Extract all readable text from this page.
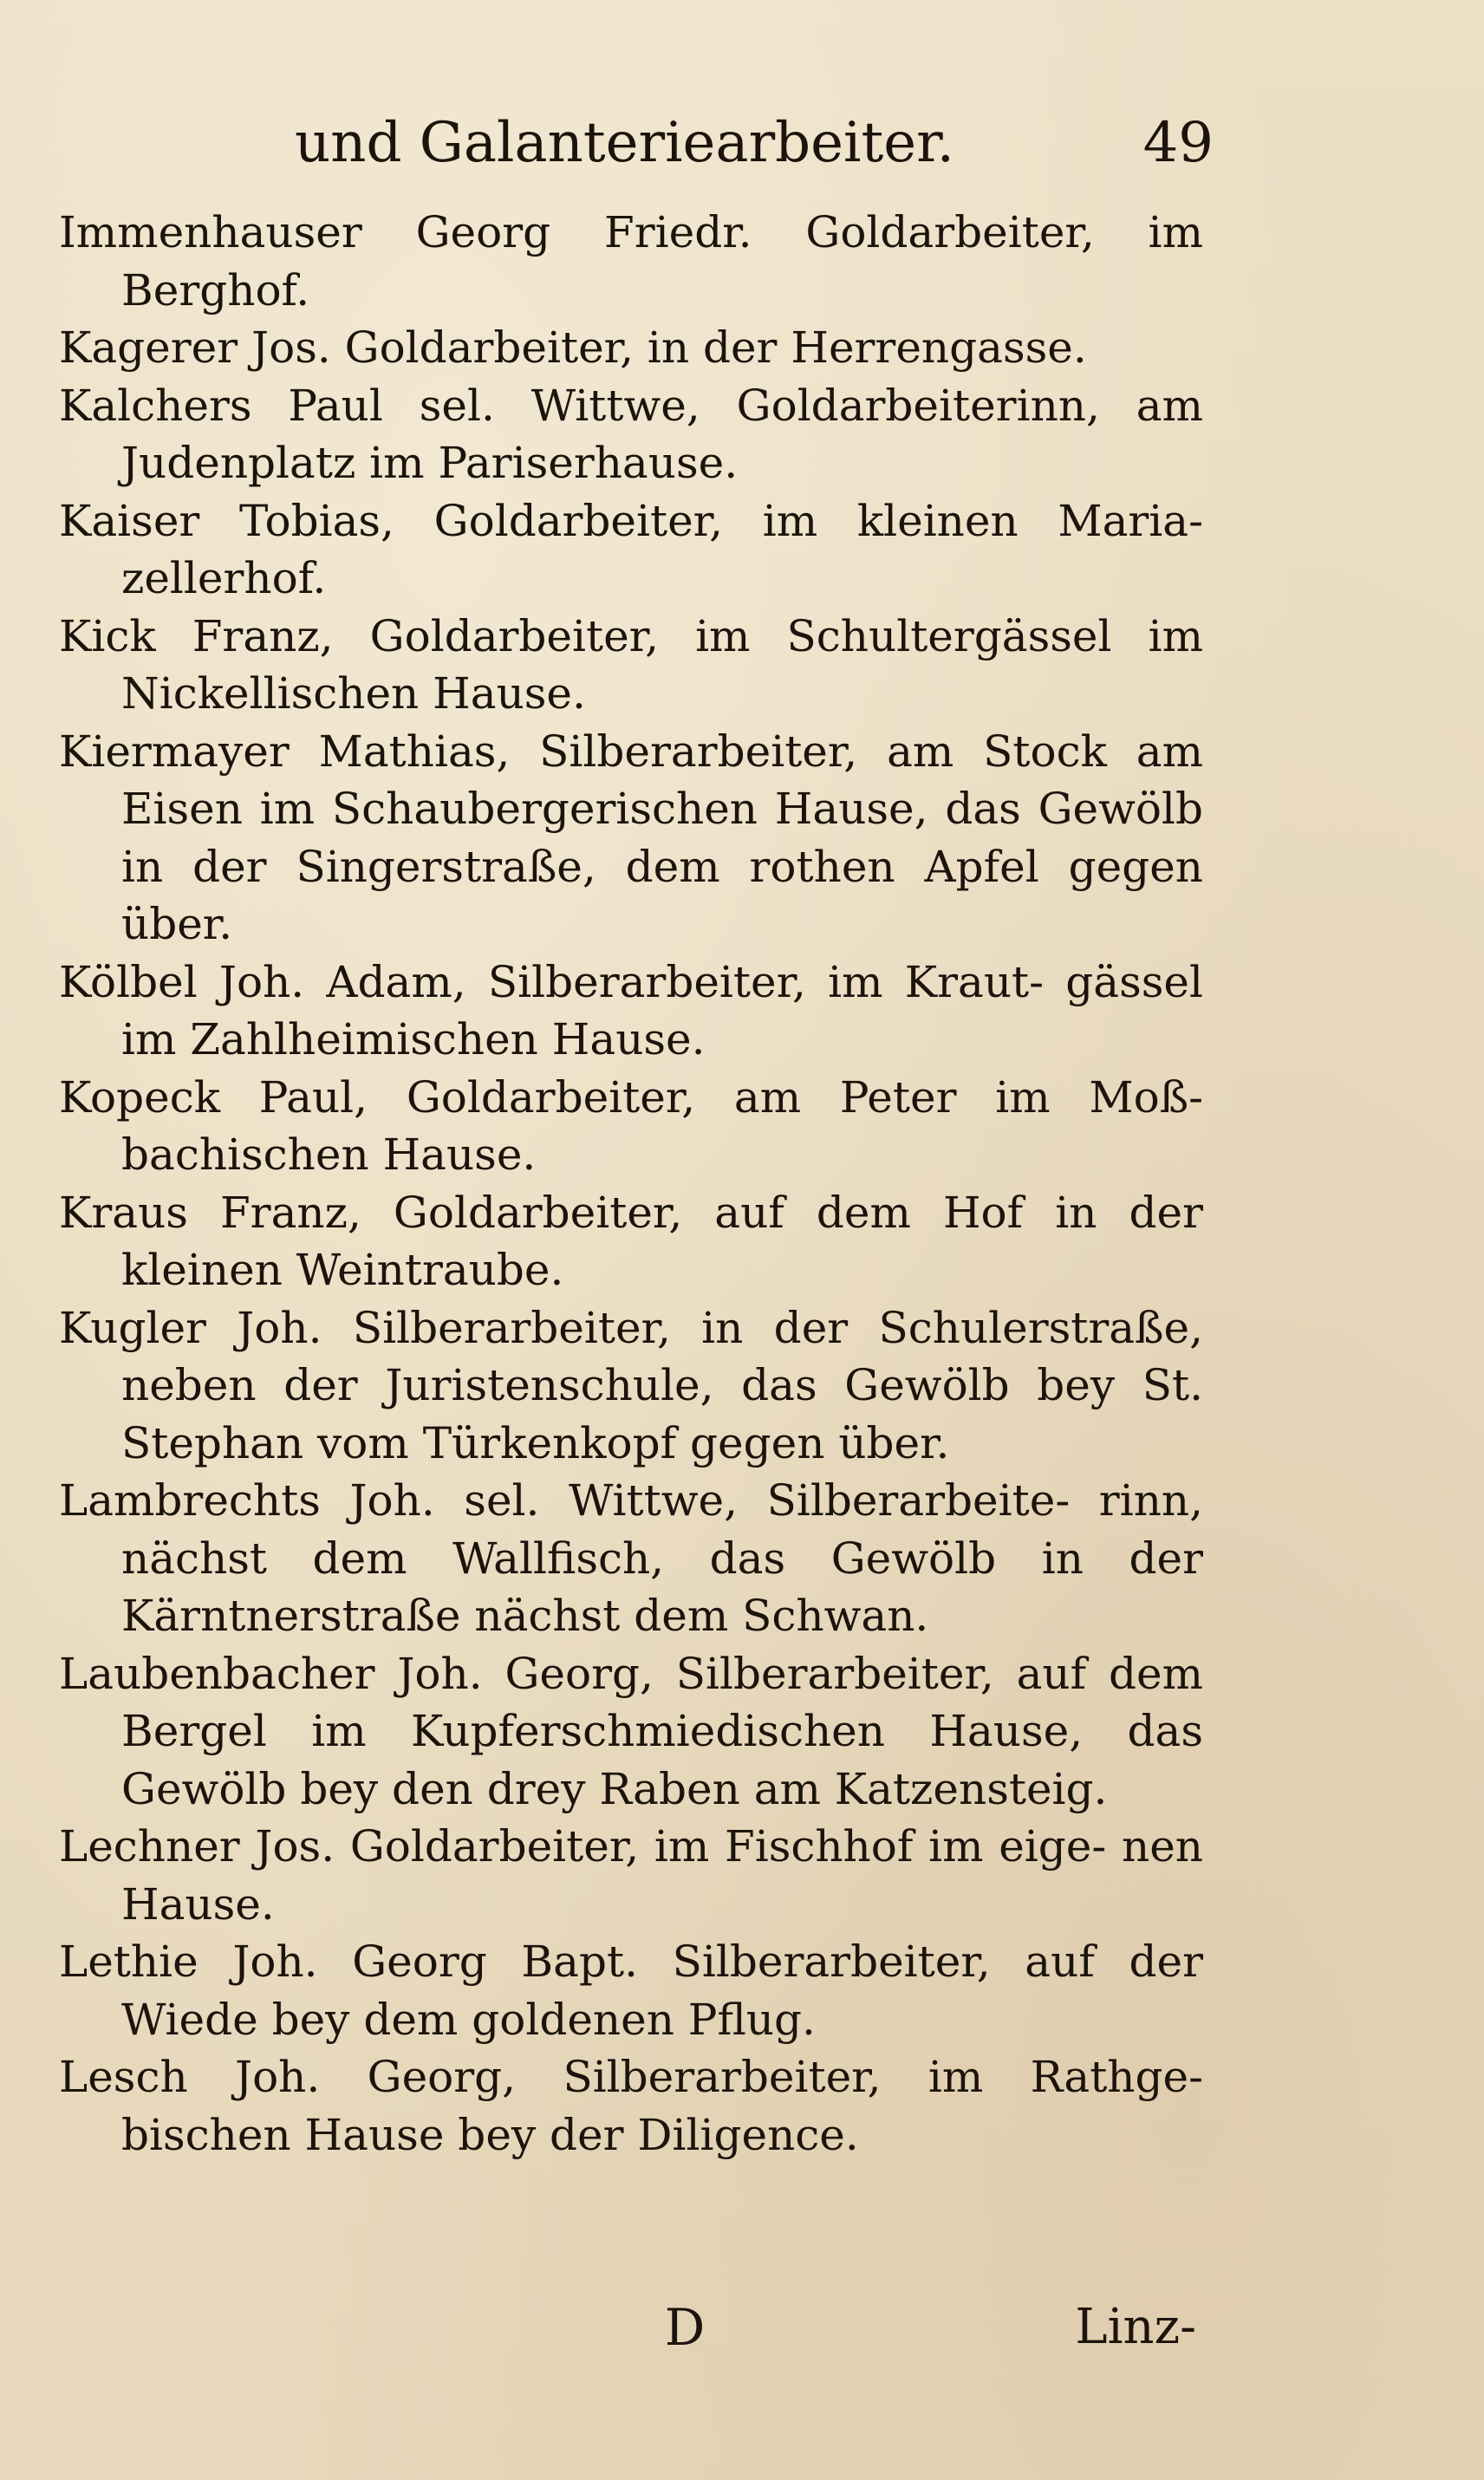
und Galanteriearbeiter.	49
Immenhauser Georg Friedr. Goldarbeiter, im Berghof.
Kagerer Jos. Goldarbeiter, in der Herrengasse.
Kalchers Paul sel. Wittwe, Goldarbeiterinn, am Judenplatz im Pariserhause.
Kaiser Tobias, Goldarbeiter, im kleinen Maria- zellerhof.
Kick Franz, Goldarbeiter, im Schultergässel im Nickellischen Hause.
Kiermayer Mathias, Silberarbeiter, am Stock am Eisen im Schaubergerischen Hause, das Gewölb in der Singerstraße, dem rothen Apfel gegen über.
Kölbel Joh. Adam, Silberarbeiter, im Kraut- gässel im Zahlheimischen Hause.
Kopeck Paul, Goldarbeiter, am Peter im Moß- bachischen Hause.
Kraus Franz, Goldarbeiter, auf dem Hof in der kleinen Weintraube.
Kugler Joh. Silberarbeiter, in der Schulerstraße, neben der Juristenschule, das Gewölb bey St. Stephan vom Türkenkopf gegen über.
Lambrechts Joh. sel. Wittwe, Silberarbeite- rinn, nächst dem Wallfisch, das Gewölb in der Kärntnerstraße nächst dem Schwan.
Laubenbacher Joh. Georg, Silberarbeiter, auf dem Bergel im Kupferschmiedischen Hause, das Gewölb bey den drey Raben am Katzensteig.
Lechner Jos. Goldarbeiter, im Fischhof im eige- nen Hause.
Lethie Joh. Georg Bapt. Silberarbeiter, auf der Wiede bey dem goldenen Pflug.
Lesch Joh. Georg, Silberarbeiter, im Rathge- bischen Hause bey der Diligence.
D	Linz-
